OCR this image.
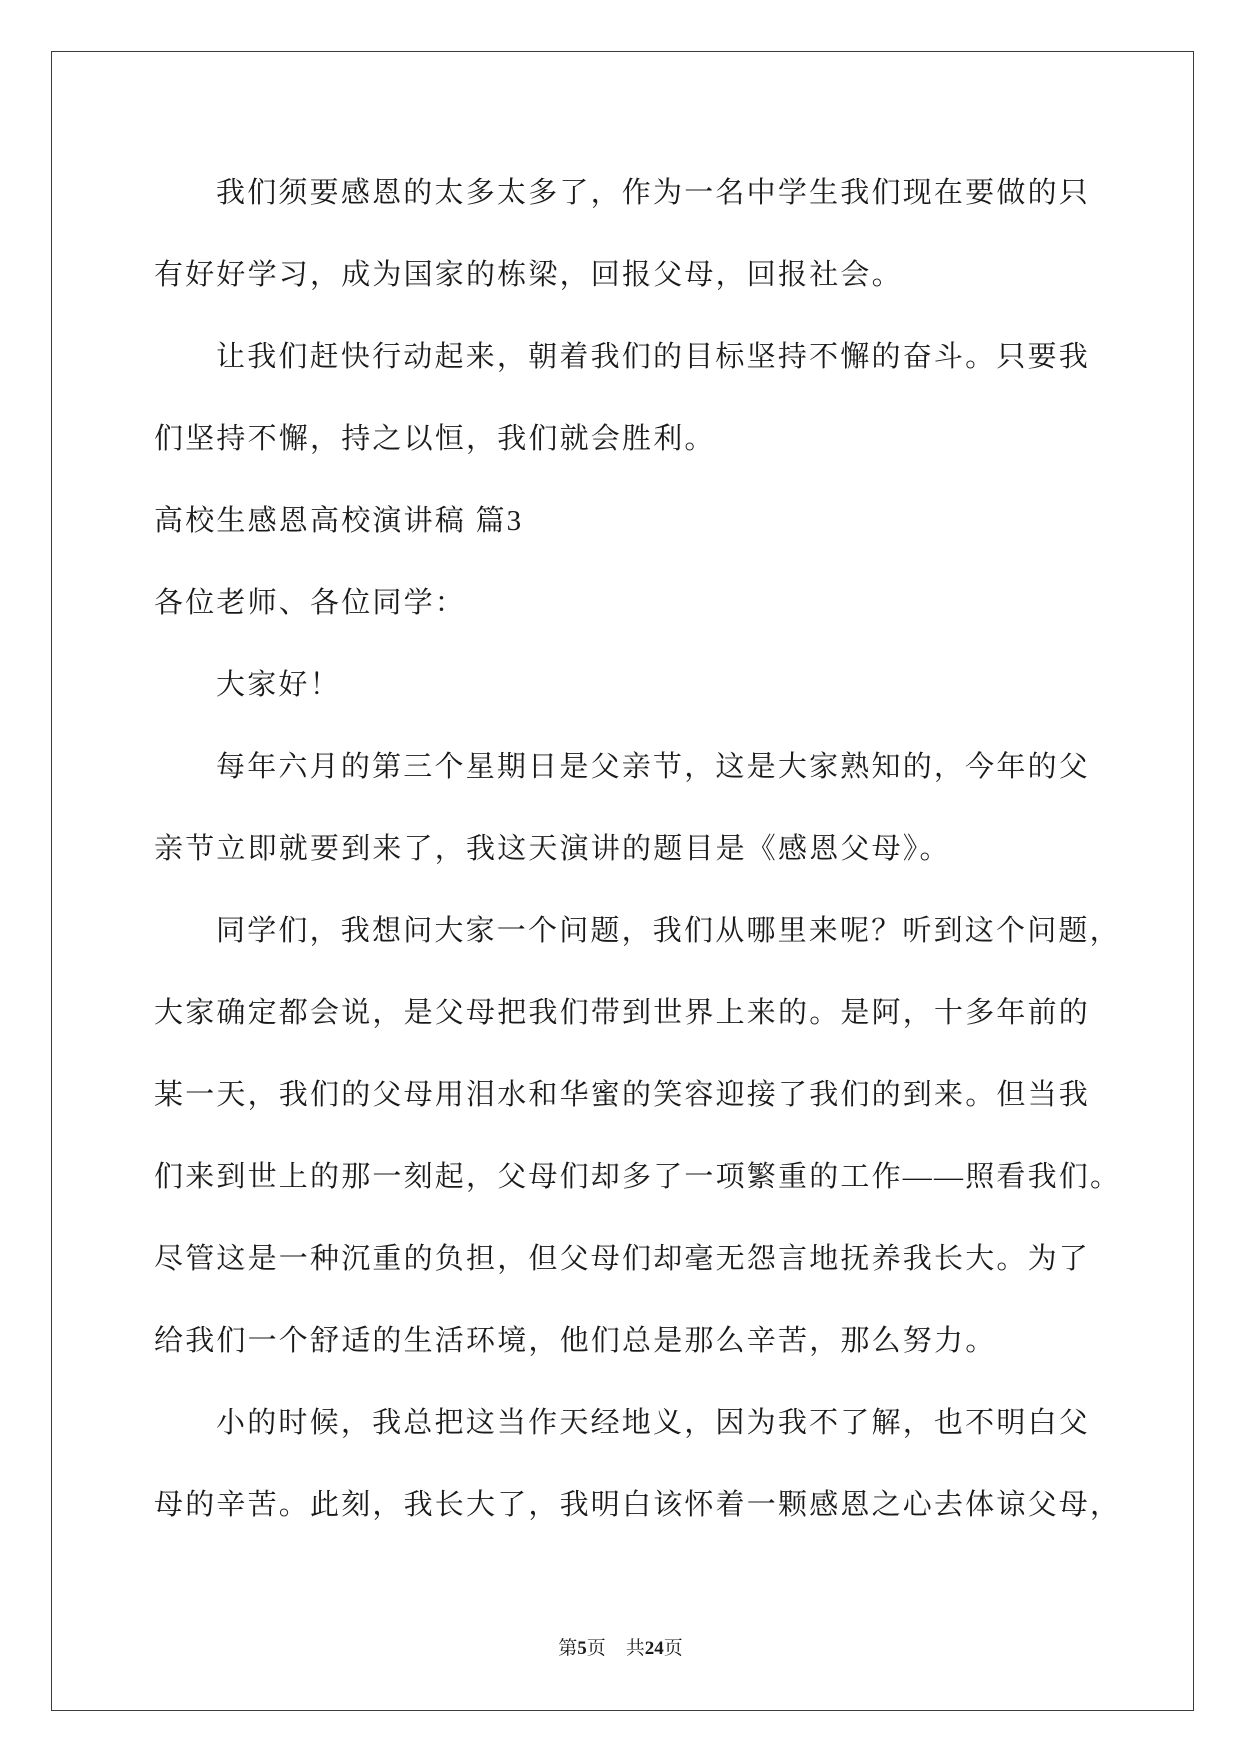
我们须要感恩的太多太多了，作为一名中学生我们现在要做的只
有好好学习，成为国家的栋梁，回报父母，回报社会。
让我们赶快行动起来，朝着我们的目标坚持不懈的奋斗。只要我
们坚持不懈，持之以恒，我们就会胜利。
高校生感恩高校演讲稿 篇3
各位老师、各位同学：
大家好！
每年六月的第三个星期日是父亲节，这是大家熟知的，今年的父
亲节立即就要到来了，我这天演讲的题目是《感恩父母》。
同学们，我想问大家一个问题，我们从哪里来呢？听到这个问题，
大家确定都会说，是父母把我们带到世界上来的。是阿，十多年前的
某一天，我们的父母用泪水和华蜜的笑容迎接了我们的到来。但当我
们来到世上的那一刻起，父母们却多了一项繁重的工作——照看我们。
尽管这是一种沉重的负担，但父母们却毫无怨言地抚养我长大。为了
给我们一个舒适的生活环境，他们总是那么辛苦，那么努力。
小的时候，我总把这当作天经地义，因为我不了解，也不明白父
母的辛苦。此刻，我长大了，我明白该怀着一颗感恩之心去体谅父母，
第5页 共24页
